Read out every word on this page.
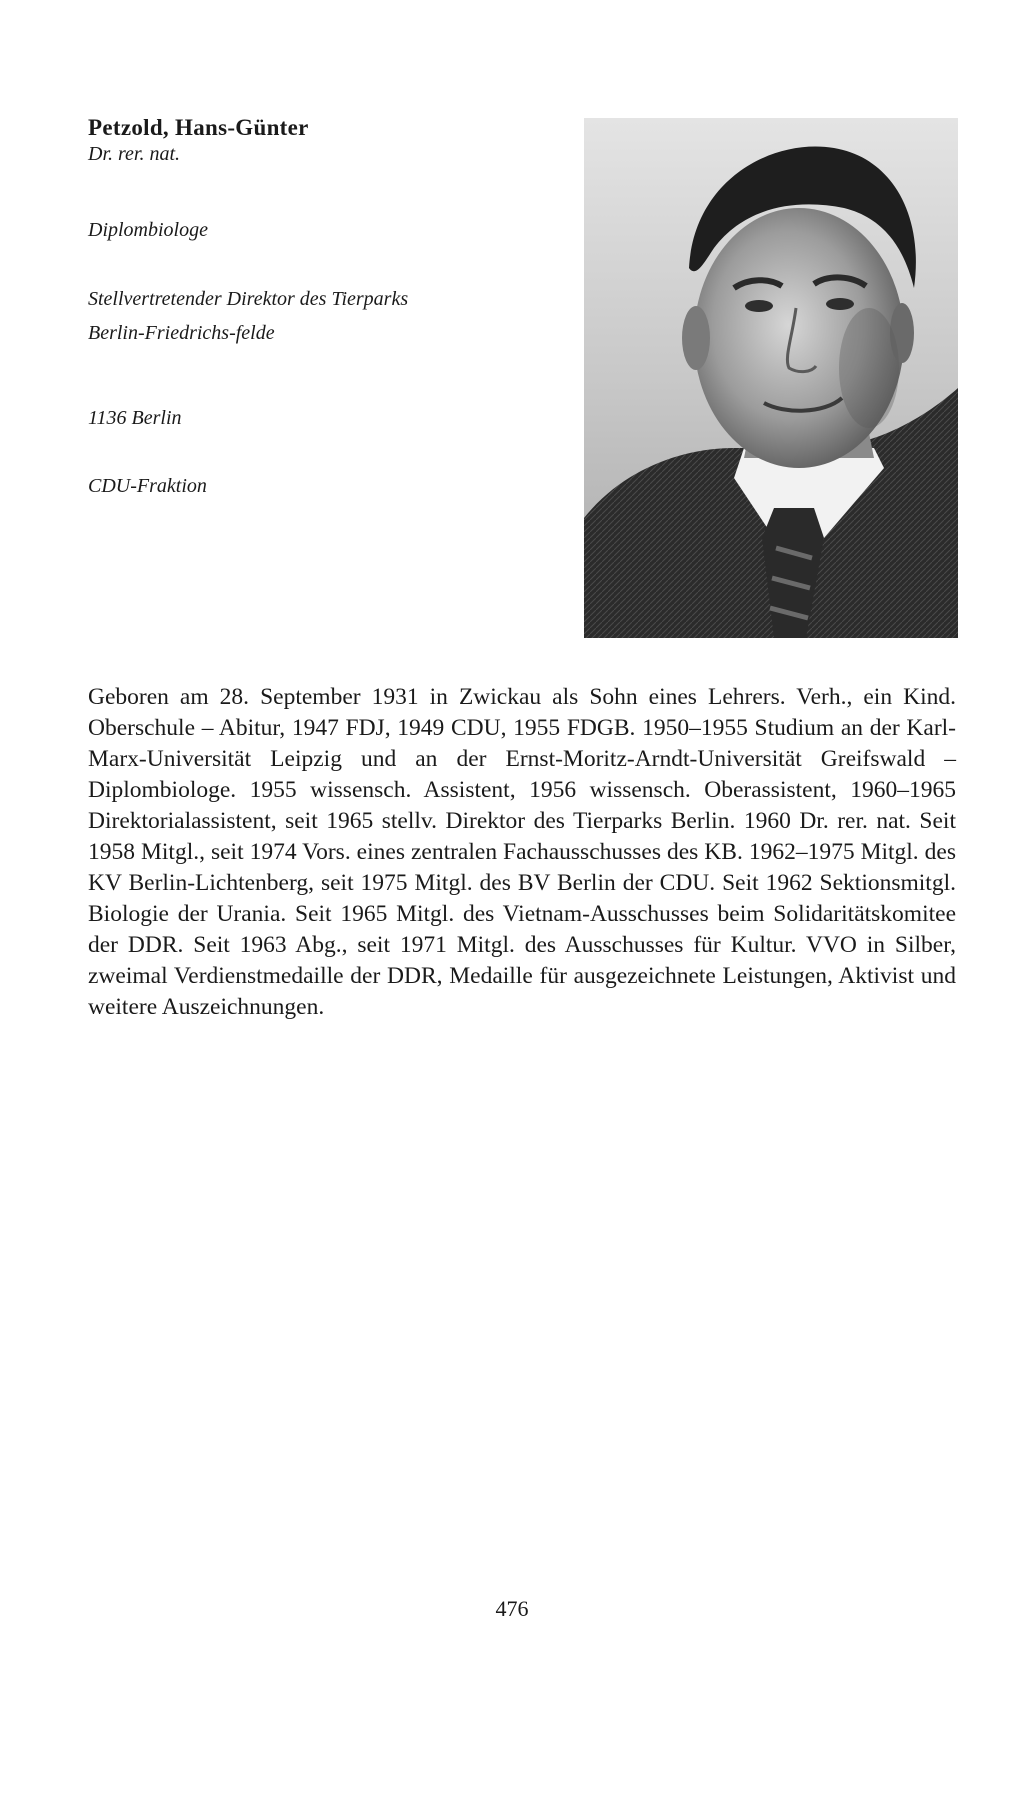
Petzold, Hans-Günter

Dr. rer. nat.

Diplombiologe

Stellvertretender Direktor des Tierparks Berlin-Friedrichs-felde

1136 Berlin

CDU-Fraktion

Geboren am 28. September 1931 in Zwickau als Sohn eines Lehrers. Verh., ein Kind. Oberschule – Abitur, 1947 FDJ, 1949 CDU, 1955 FDGB. 1950–1955 Studium an der Karl-Marx-Universität Leipzig und an der Ernst-Moritz-Arndt-Universität Greifswald – Diplombiologe. 1955 wissensch. Assistent, 1956 wissensch. Oberassistent, 1960–1965 Direktorialassistent, seit 1965 stellv. Direktor des Tierparks Berlin. 1960 Dr. rer. nat. Seit 1958 Mitgl., seit 1974 Vors. eines zentralen Fachausschusses des KB. 1962–1975 Mitgl. des KV Berlin-Lichtenberg, seit 1975 Mitgl. des BV Berlin der CDU. Seit 1962 Sektionsmitgl. Biologie der Urania. Seit 1965 Mitgl. des Vietnam-Ausschusses beim Solidaritätskomitee der DDR. Seit 1963 Abg., seit 1971 Mitgl. des Ausschusses für Kultur. VVO in Silber, zweimal Verdienstmedaille der DDR, Medaille für ausgezeichnete Leistungen, Aktivist und weitere Auszeichnungen.

476
